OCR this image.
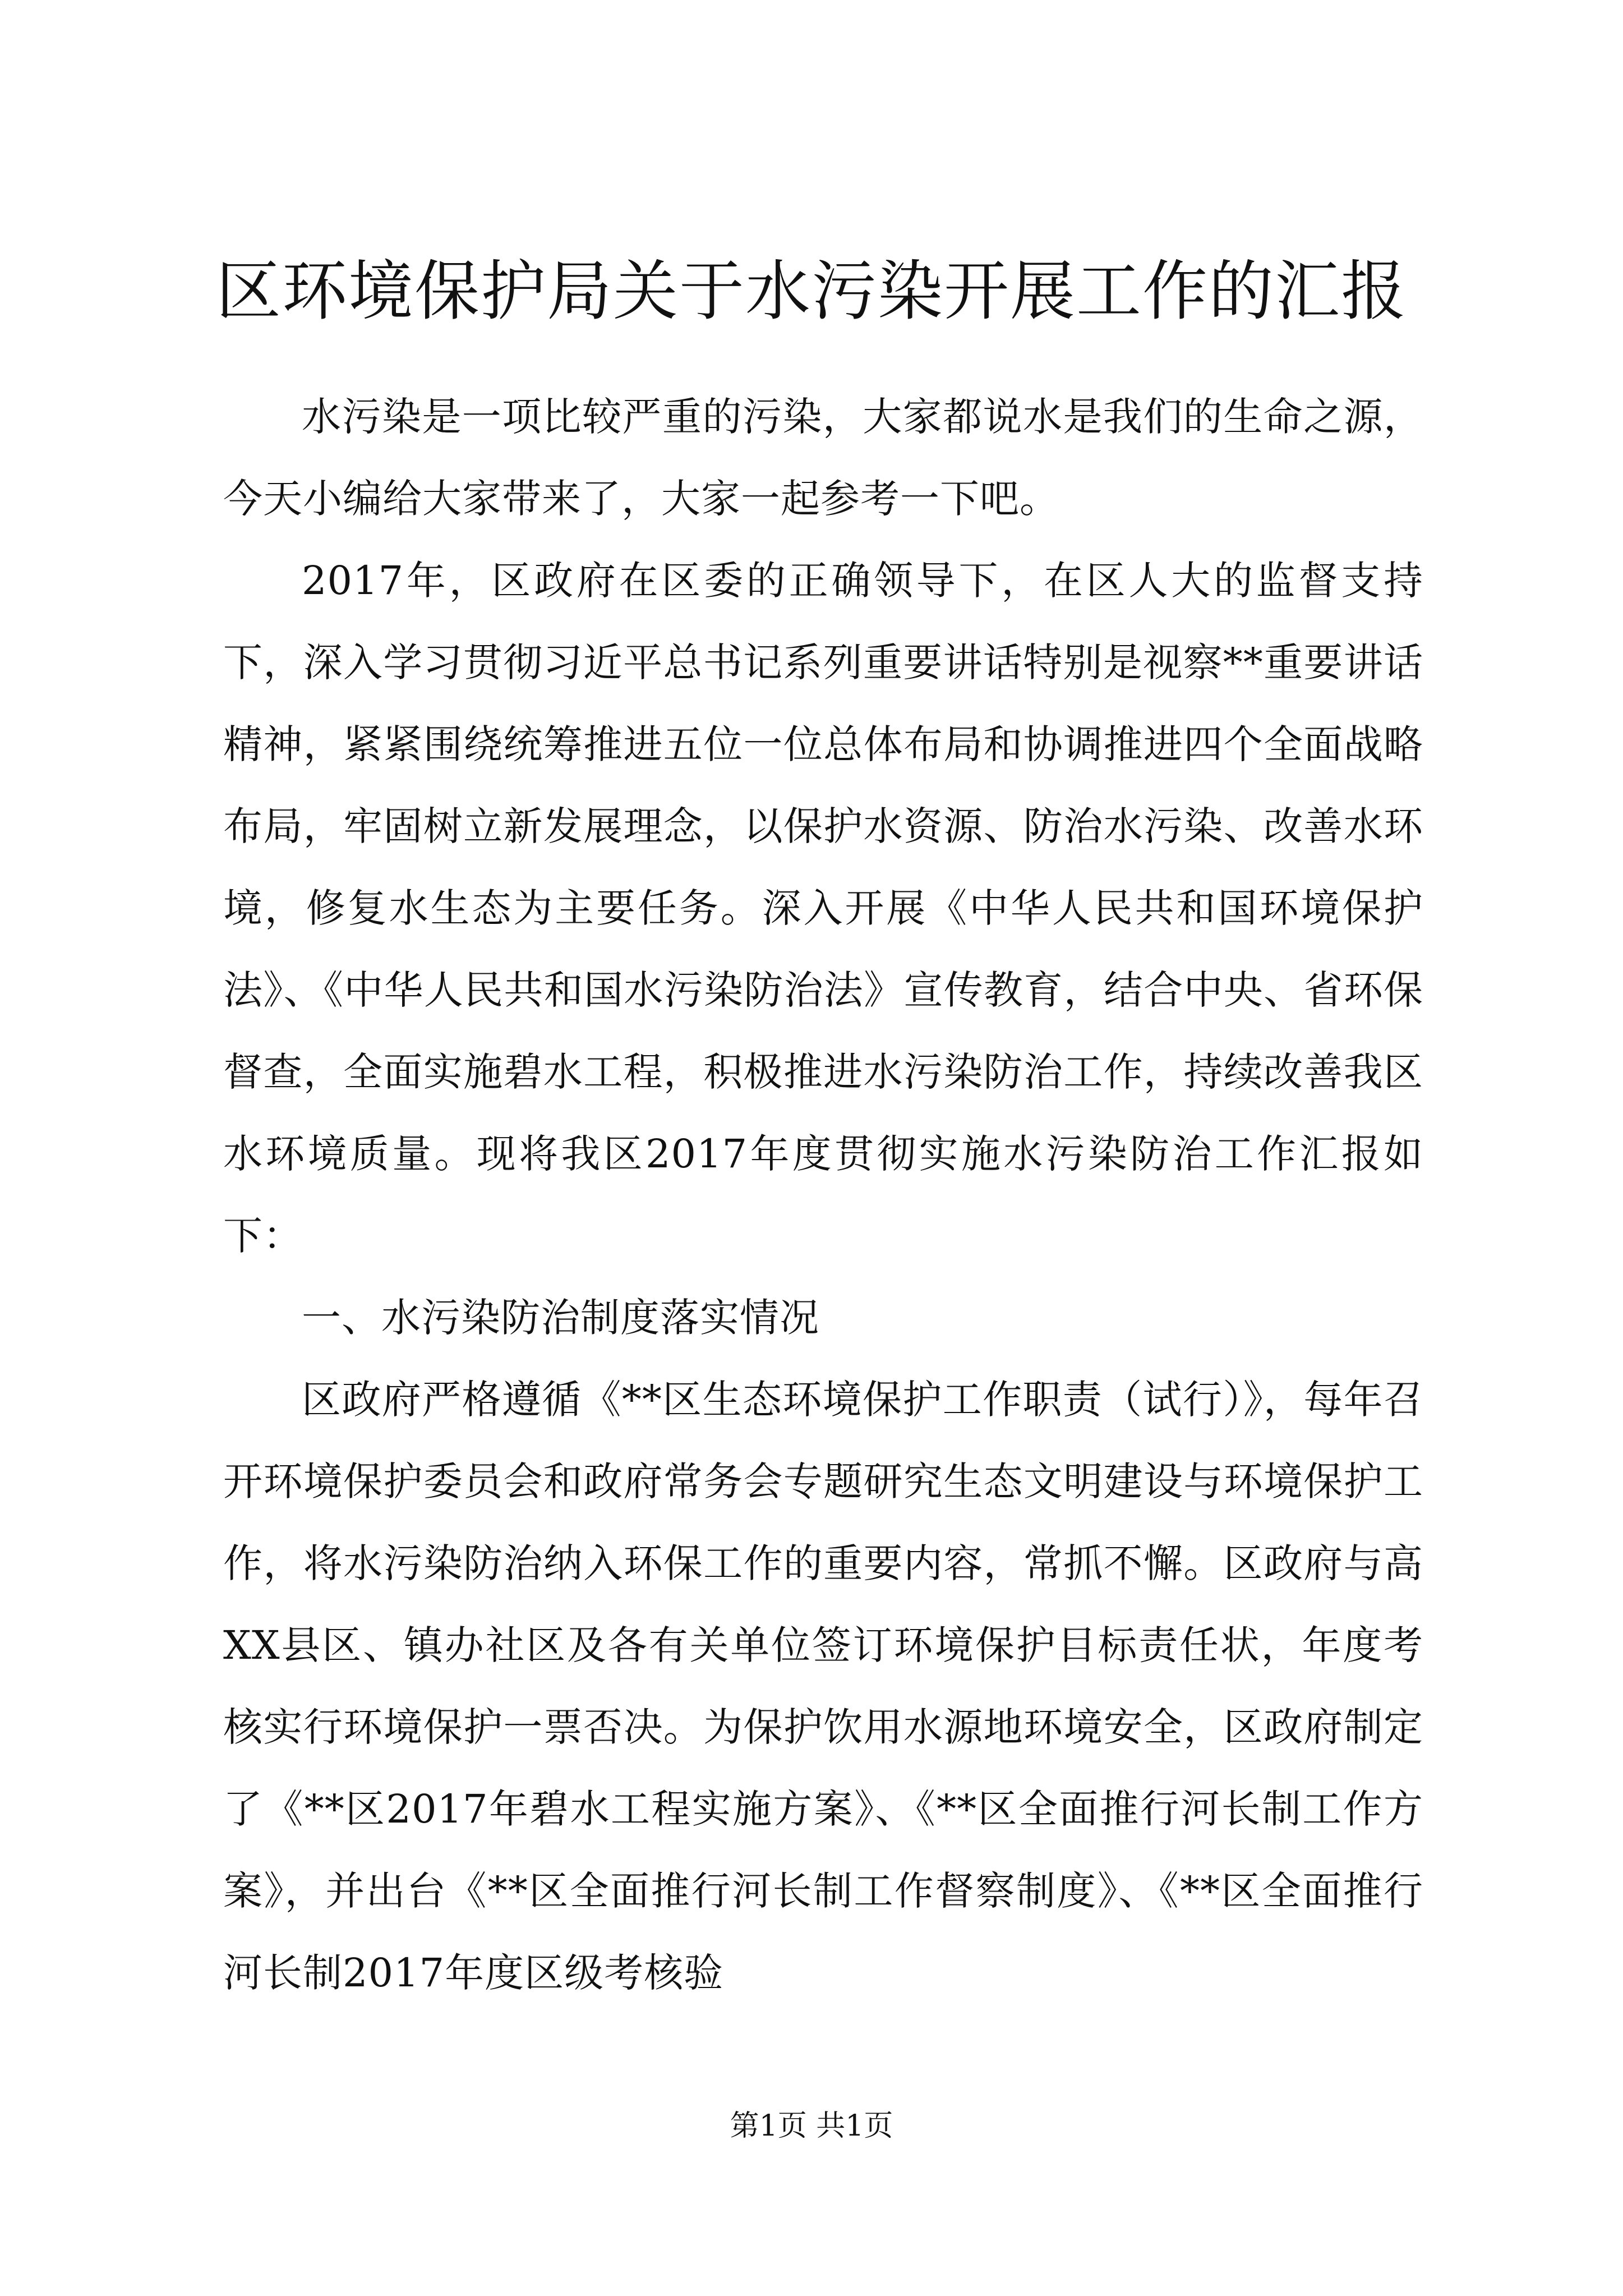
区环境保护局关于水污染开展工作的汇报

水污染是一项比较严重的污染，大家都说水是我们的生命之源，今天小编给大家带来了，大家一起参考一下吧。

2017年，区政府在区委的正确领导下，在区人大的监督支持下，深入学习贯彻习近平总书记系列重要讲话特别是视察**重要讲话精神，紧紧围绕统筹推进五位一位总体布局和协调推进四个全面战略布局，牢固树立新发展理念，以保护水资源、防治水污染、改善水环境，修复水生态为主要任务。深入开展《中华人民共和国环境保护法》、《中华人民共和国水污染防治法》宣传教育，结合中央、省环保督查，全面实施碧水工程，积极推进水污染防治工作，持续改善我区水环境质量。现将我区2017年度贯彻实施水污染防治工作汇报如下：

一、水污染防治制度落实情况

区政府严格遵循《**区生态环境保护工作职责（试行）》，每年召开环境保护委员会和政府常务会专题研究生态文明建设与环境保护工作，将水污染防治纳入环保工作的重要内容，常抓不懈。区政府与高XX县区、镇办社区及各有关单位签订环境保护目标责任状，年度考核实行环境保护一票否决。为保护饮用水源地环境安全，区政府制定了《**区2017年碧水工程实施方案》、《**区全面推行河长制工作方案》，并出台《**区全面推行河长制工作督察制度》、《**区全面推行河长制2017年度区级考核验

第1页 共1页
